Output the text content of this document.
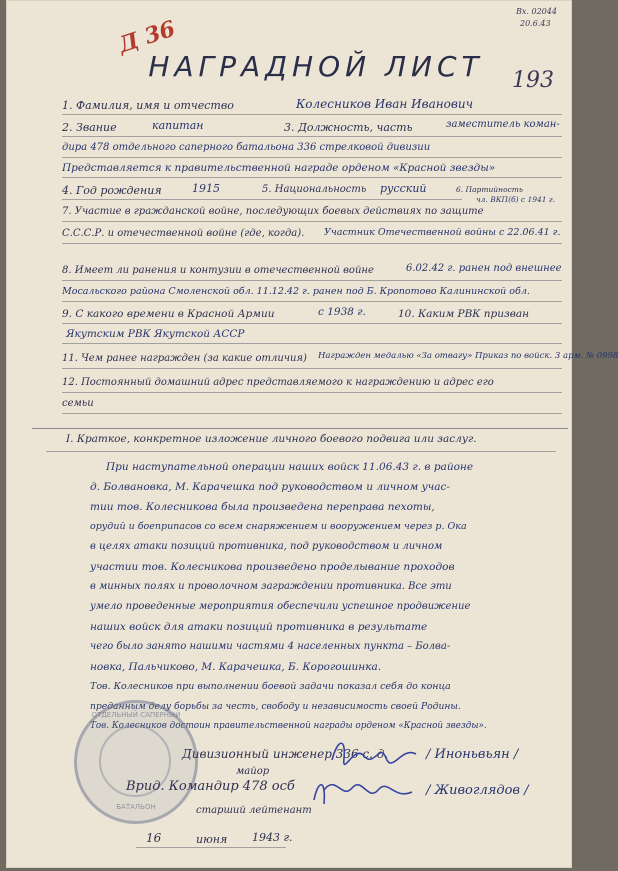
Вх. 02044
20.6.43
Д 36
НАГРАДНОЙ ЛИСТ	193
1. Фамилия, имя и отчество	Колесников Иван Иванович
2. Звание	капитан	3. Должность, часть	заместитель коман-
дира 478 отдельного саперного батальона 336 стрелковой дивизии
Представляется к правительственной награде орденом «Красной звезды»
4. Год рождения	1915	5. Национальность русский	6. Партийность
чл. ВКП(б) с 1941 г.
7. Участие в гражданской войне, последующих боевых действиях по защите
С.С.С.Р. и отечественной войне (где, когда). Участник Отечественной войны с 22.06.41 г.
8. Имеет ли ранения и контузии в отечественной войне	6.02.42 г. ранен под внешнее
Мосальского района Смоленской обл. 11.12.42 г. ранен под Б. Кропотово Калининской обл.
9. С какого времени в Красной Армии	с 1938 г.	10. Каким РВК призван
Якутским РВК Якутской АССР
11. Чем ранее награжден (за какие отличия) Награжден медалью «За отвагу» Приказ по войск. 3 арм. № 0998
12. Постоянный домашний адрес представляемого к награждению и адрес его
семьи
I. Краткое, конкретное изложение личного боевого подвига или заслуг.
При наступательной операции наших войск 11.06.43 г. в районе
д. Болвановка, М. Карачешка под руководством и личном учас-
тии тов. Колесникова была произведена переправа пехоты,
орудий и боеприпасов со всем снаряжением и вооружением через р. Ока
в целях атаки позиций противника, под руководством и личном
участии тов. Колесникова произведено проделывание проходов
в минных полях и проволочном заграждении противника. Все эти
умело проведенные мероприятия обеспечили успешное продвижение
наших войск для атаки позиций противника в результате
чего было занято нашими частями 4 населенных пункта – Болва-
новка, Пальчиково, М. Карачешка, Б. Корогошинка.
Тов. Колесников при выполнении боевой задачи показал себя до конца
преданным делу борьбы за честь, свободу и независимость своей Родины.
Тов. Колесников достоин правительственной награды орденом «Красной звезды».
ОТДЕЛЬНЫЙ САПЕРНЫЙ
БАТАЛЬОН
Дивизионный инженер 336 с. д.
майор
/ Иноньвьян /
Врид. Командир 478 осб
старший лейтенант
/ Живоглядов /
16	июня 1943 г.
